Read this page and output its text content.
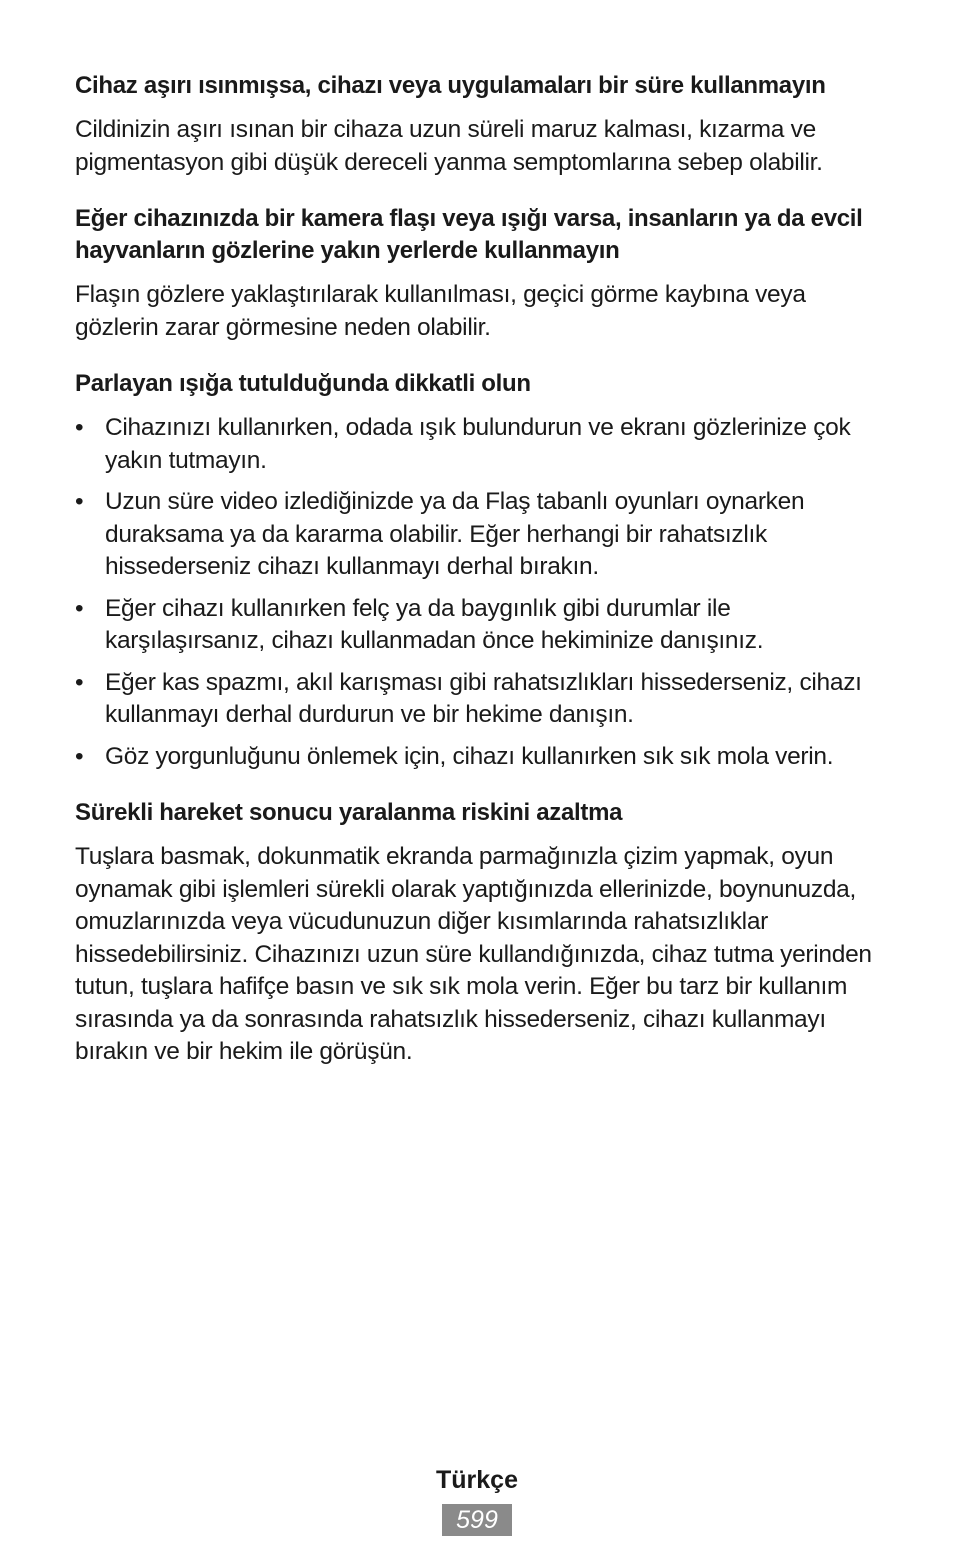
Cihaz aşırı ısınmışsa, cihazı veya uygulamaları bir süre kullanmayın

Cildinizin aşırı ısınan bir cihaza uzun süreli maruz kalması, kızarma ve pigmentasyon gibi düşük dereceli yanma semptomlarına sebep olabilir.

Eğer cihazınızda bir kamera flaşı veya ışığı varsa, insanların ya da evcil hayvanların gözlerine yakın yerlerde kullanmayın

Flaşın gözlere yaklaştırılarak kullanılması, geçici görme kaybına veya gözlerin zarar görmesine neden olabilir.

Parlayan ışığa tutulduğunda dikkatli olun
• Cihazınızı kullanırken, odada ışık bulundurun ve ekranı gözlerinize çok yakın tutmayın.
• Uzun süre video izlediğinizde ya da Flaş tabanlı oyunları oynarken duraksama ya da kararma olabilir. Eğer herhangi bir rahatsızlık hissederseniz cihazı kullanmayı derhal bırakın.
• Eğer cihazı kullanırken felç ya da baygınlık gibi durumlar ile karşılaşırsanız, cihazı kullanmadan önce hekiminize danışınız.
• Eğer kas spazmı, akıl karışması gibi rahatsızlıkları hissederseniz, cihazı kullanmayı derhal durdurun ve bir hekime danışın.
• Göz yorgunluğunu önlemek için, cihazı kullanırken sık sık mola verin.
Sürekli hareket sonucu yaralanma riskini azaltma

Tuşlara basmak, dokunmatik ekranda parmağınızla çizim yapmak, oyun oynamak gibi işlemleri sürekli olarak yaptığınızda ellerinizde, boynunuzda, omuzlarınızda veya vücudunuzun diğer kısımlarında rahatsızlıklar hissedebilirsiniz. Cihazınızı uzun süre kullandığınızda, cihaz tutma yerinden tutun, tuşlara hafifçe basın ve sık sık mola verin. Eğer bu tarz bir kullanım sırasında ya da sonrasında rahatsızlık hissederseniz, cihazı kullanmayı bırakın ve bir hekim ile görüşün.

Türkçe
599
